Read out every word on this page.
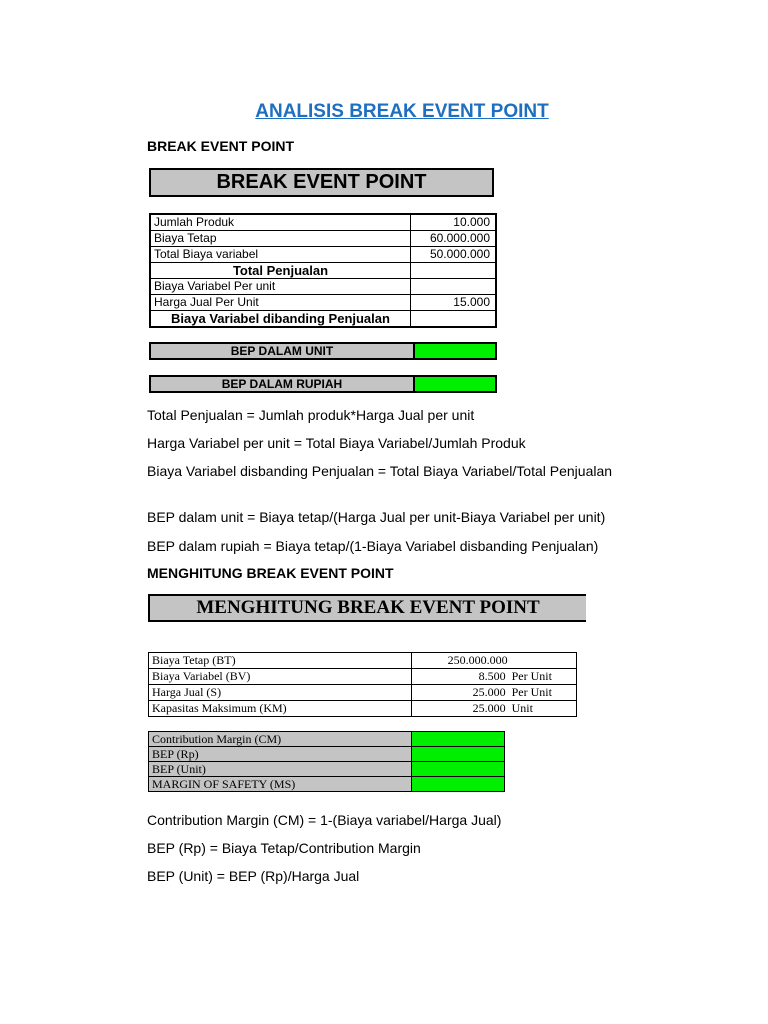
ANALISIS BREAK EVENT POINT
BREAK EVENT POINT
BREAK EVENT POINT
Jumlah Produk	10.000
Biaya Tetap	60.000.000
Total Biaya variabel	50.000.000
Total Penjualan	
Biaya Variabel Per unit	
Harga Jual Per Unit	15.000
Biaya Variabel dibanding Penjualan	
BEP DALAM UNIT
BEP DALAM RUPIAH
Total Penjualan = Jumlah produk*Harga Jual per unit
Harga Variabel per unit = Total Biaya Variabel/Jumlah Produk
Biaya Variabel disbanding Penjualan = Total Biaya Variabel/Total Penjualan
BEP dalam unit = Biaya tetap/(Harga Jual per unit-Biaya Variabel per unit)
BEP dalam rupiah = Biaya tetap/(1-Biaya Variabel disbanding Penjualan)
MENGHITUNG BREAK EVENT POINT
MENGHITUNG BREAK EVENT POINT
Biaya Tetap (BT)	250.000.000	
Biaya Variabel (BV)	8.500	Per Unit
Harga Jual (S)	25.000	Per Unit
Kapasitas Maksimum (KM)	25.000	Unit
Contribution Margin (CM)	
BEP (Rp)	
BEP (Unit)	
MARGIN OF SAFETY (MS)	
Contribution Margin (CM) = 1-(Biaya variabel/Harga Jual)
BEP (Rp) = Biaya Tetap/Contribution Margin
BEP (Unit) = BEP (Rp)/Harga Jual
